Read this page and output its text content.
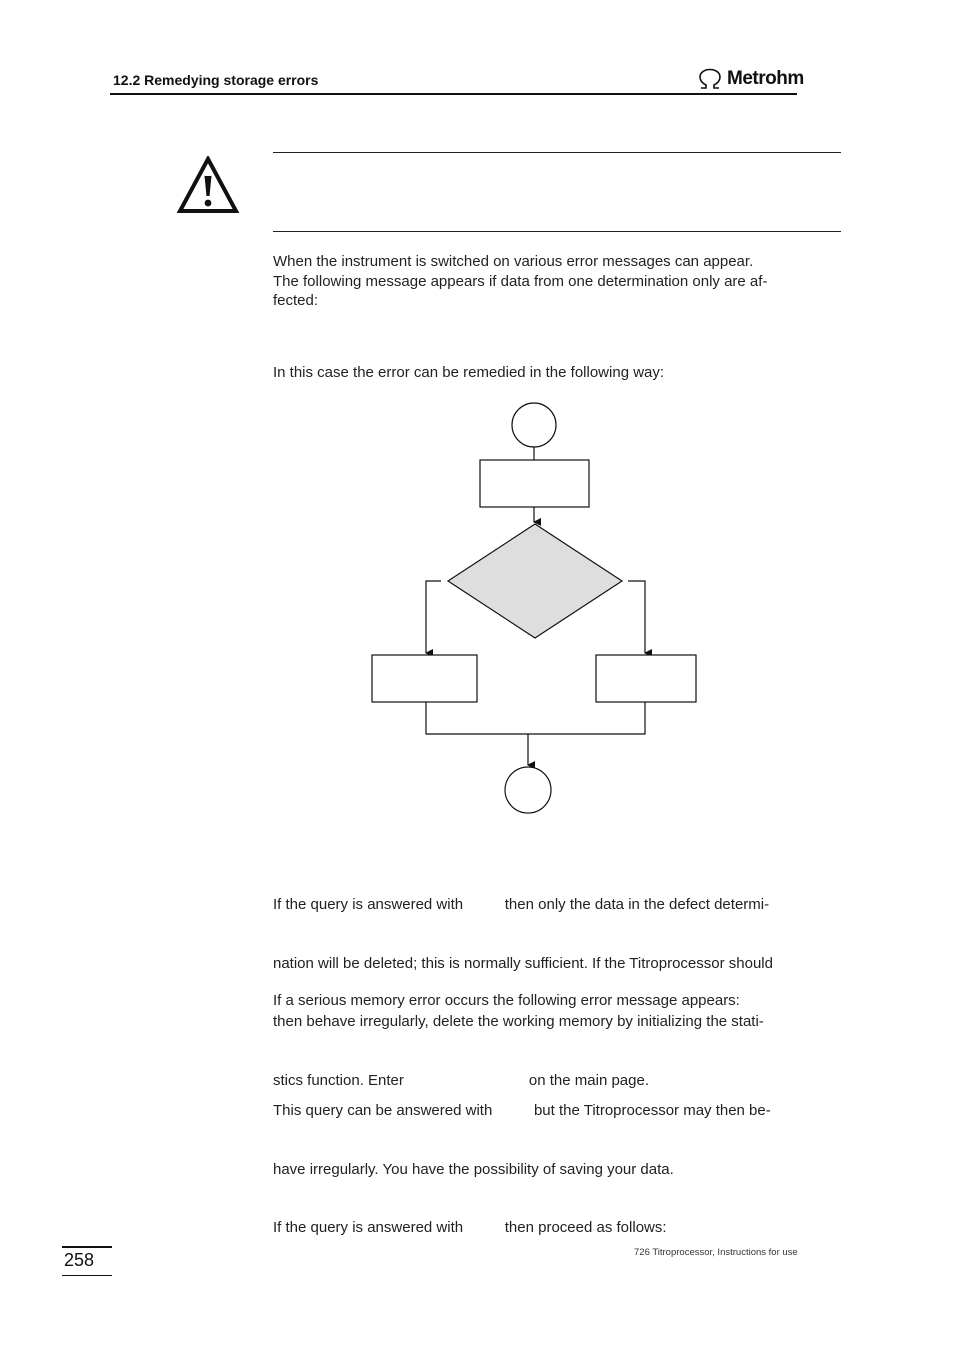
12.2 Remedying storage errors	Metrohm

When the instrument is switched on various error messages can appear.

The following message appears if data from one determination only are af-

fected:

In this case the error can be remedied in the following way:

If the query is answered with          then only the data in the defect determi-

nation will be deleted; this is normally sufficient. If the Titroprocessor should

then behave irregularly, delete the working memory by initializing the stati-

stics function. Enter                              on the main page.

If a serious memory error occurs the following error message appears:

This query can be answered with          but the Titroprocessor may then be-

have irregularly. You have the possibility of saving your data.

If the query is answered with          then proceed as follows:

258	726 Titroprocessor, Instructions for use
